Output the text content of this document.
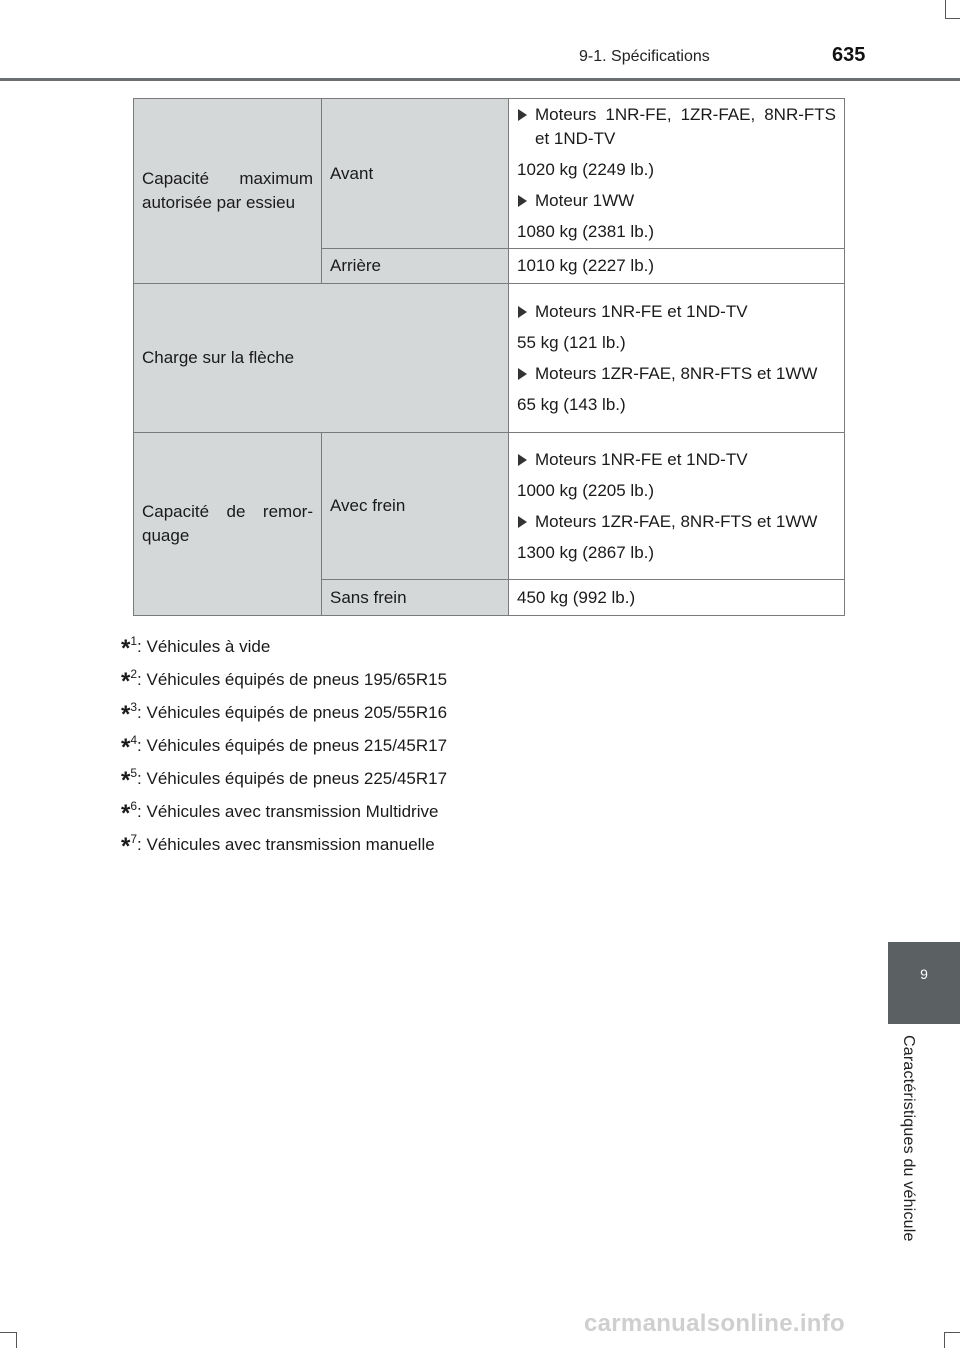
9-1. Spécifications	635
9
Caractéristiques du véhicule
Capacité maximum autorisée par essieu	Avant	Moteurs 1NR-FE, 1ZR-FAE, 8NR-FTS et 1ND-TV

1020 kg (2249 lb.)

Moteur 1WW

1080 kg (2381 lb.)

	Arrière	1010 kg (2227 lb.)
Charge sur la flèche		Moteurs 1NR-FE et 1ND-TV

55 kg (121 lb.)

Moteurs 1ZR-FAE, 8NR-FTS et 1WW

65 kg (143 lb.)

Capacité de remor-quage	Avec frein	Moteurs 1NR-FE et 1ND-TV

1000 kg (2205 lb.)

Moteurs 1ZR-FAE, 8NR-FTS et 1WW

1300 kg (2867 lb.)

	Sans frein	450 kg (992 lb.)
*$^1$: Véhicules à vide
*$^2$: Véhicules équipés de pneus 195/65R15
*$^3$: Véhicules équipés de pneus 205/55R16
*$^4$: Véhicules équipés de pneus 215/45R17
*$^5$: Véhicules équipés de pneus 225/45R17
*$^6$: Véhicules avec transmission Multidrive
*$^7$: Véhicules avec transmission manuelle
carmanualsonline.info
